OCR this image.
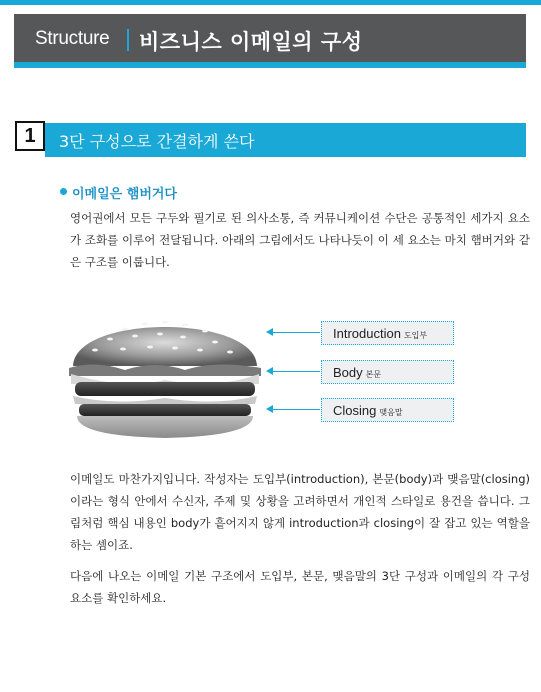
Structure 비즈니스 이메일의 구성
1	3단 구성으로 간결하게 쓴다
이메일은 햄버거다
영어권에서 모든 구두와 필기로 된 의사소통, 즉 커뮤니케이션 수단은 공통적인 세가지 요소가 조화를 이루어 전달됩니다. 아래의 그림에서도 나타나듯이 이 세 요소는 마치 햄버거와 같은 구조를 이룹니다.
Introduction 도입부
Body 본문
Closing 맺음말
이메일도 마찬가지입니다. 작성자는 도입부(introduction), 본문(body)과 맺음말(closing)이라는 형식 안에서 수신자, 주제 및 상황을 고려하면서 개인적 스타일로 용건을 씁니다. 그림처럼 핵심 내용인 body가 흩어지지 않게 introduction과 closing이 잘 잡고 있는 역할을 하는 셈이죠.
다음에 나오는 이메일 기본 구조에서 도입부, 본문, 맺음말의 3단 구성과 이메일의 각 구성 요소를 확인하세요.
